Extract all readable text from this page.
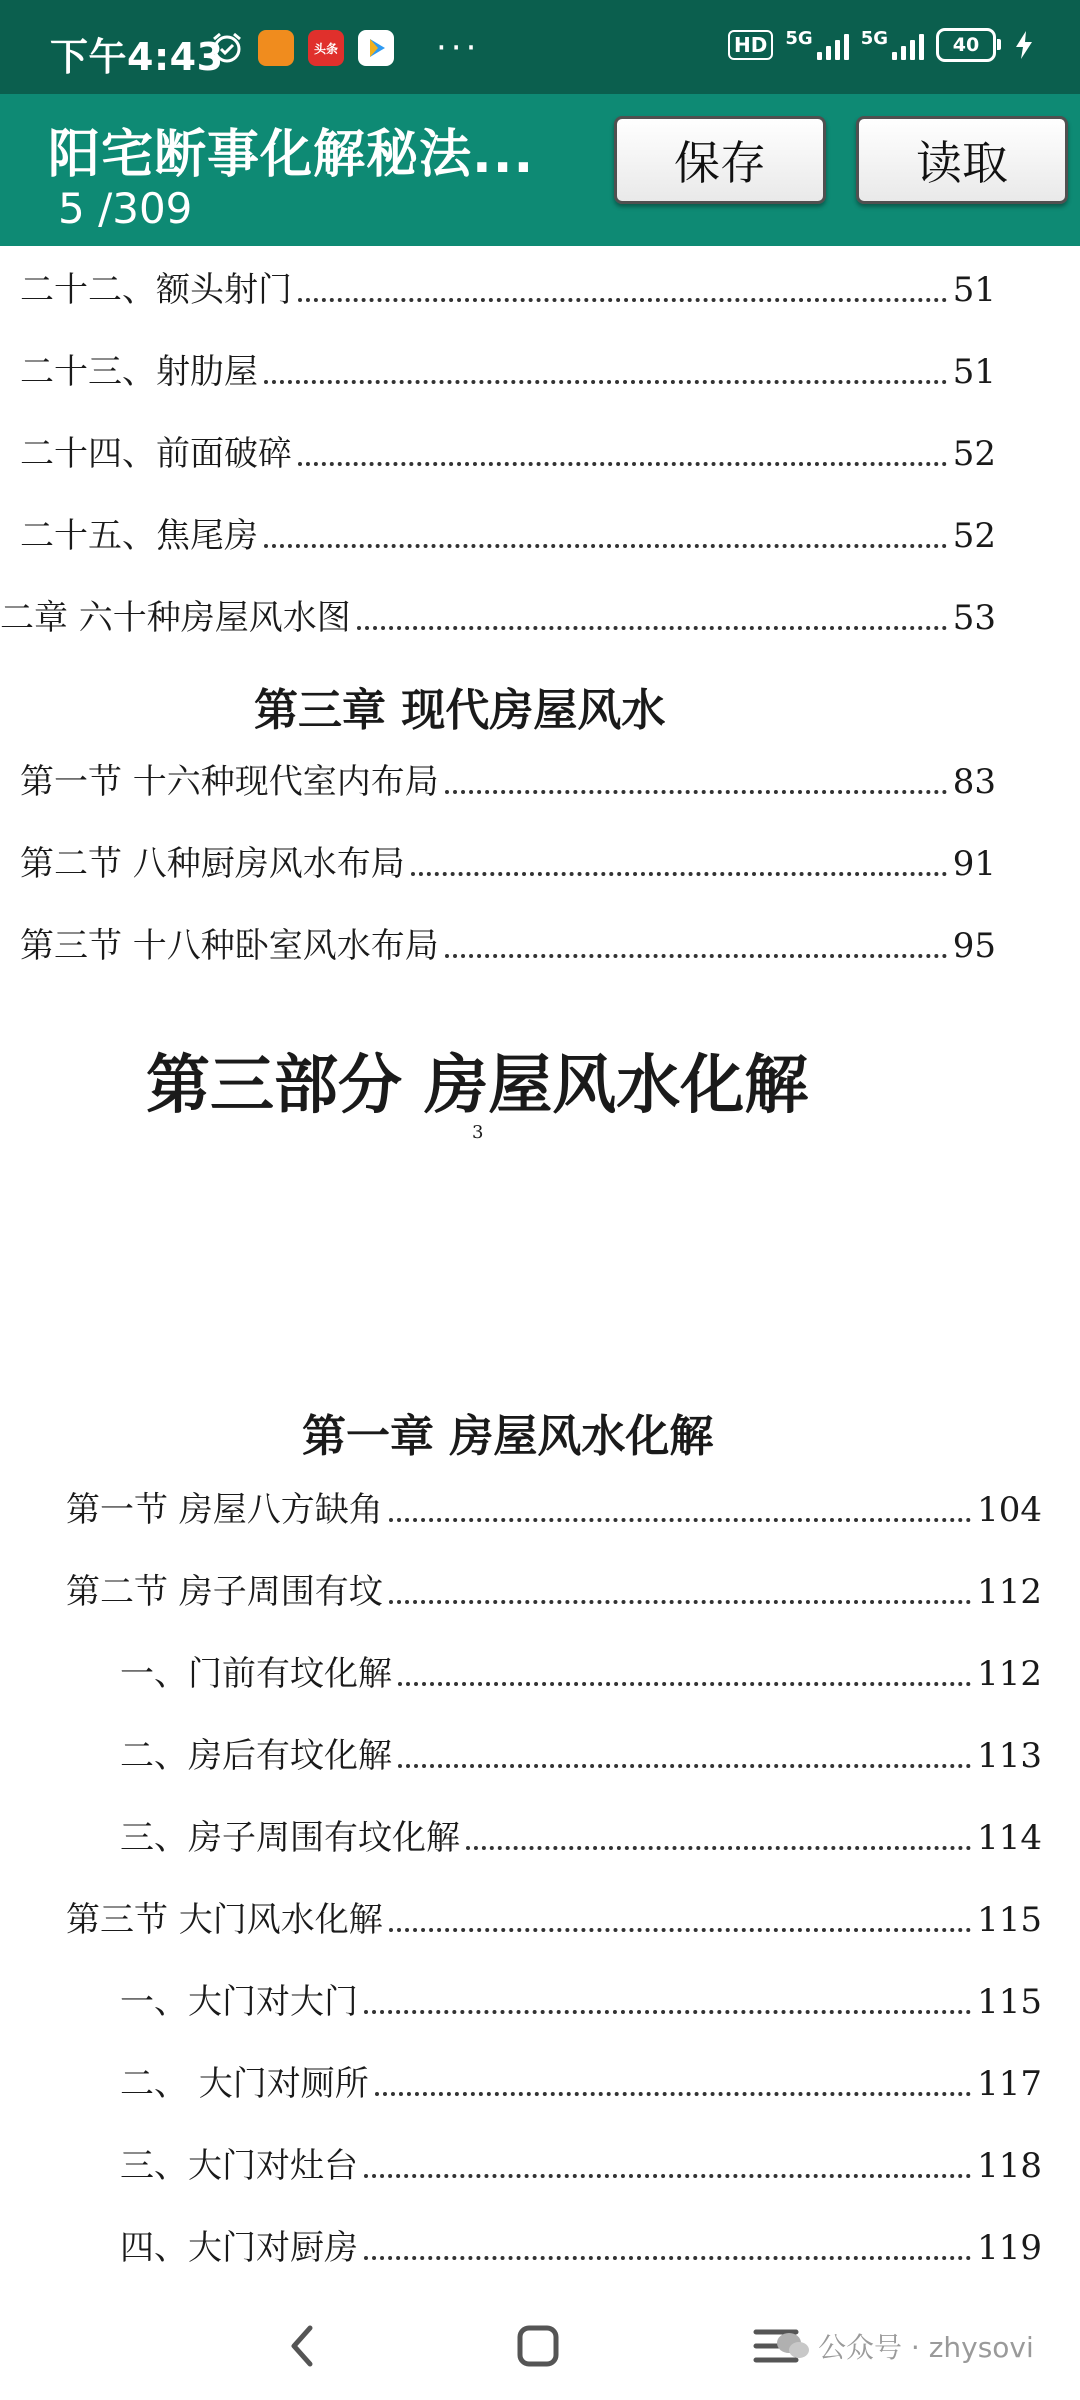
下午4:43	头条	···	HD	5G	5G	40
阳宅断事化解秘法...
5 /309
保存	读取
二十二、额头射门	51
二十三、射肋屋	51
二十四、前面破碎	52
二十五、焦尾房	52
二章 六十种房屋风水图	53
第三章 现代房屋风水
第一节 十六种现代室内布局	83
第二节 八种厨房风水布局	91
第三节 十八种卧室风水布局	95
第三部分 房屋风水化解
3
第一章 房屋风水化解
第一节 房屋八方缺角	104
第二节 房子周围有坟	112
一、门前有坟化解	112
二、房后有坟化解	113
三、房子周围有坟化解	114
第三节 大门风水化解	115
一、大门对大门	115
二、 大门对厕所	117
三、大门对灶台	118
四、大门对厨房	119
公众号 · zhysovi
